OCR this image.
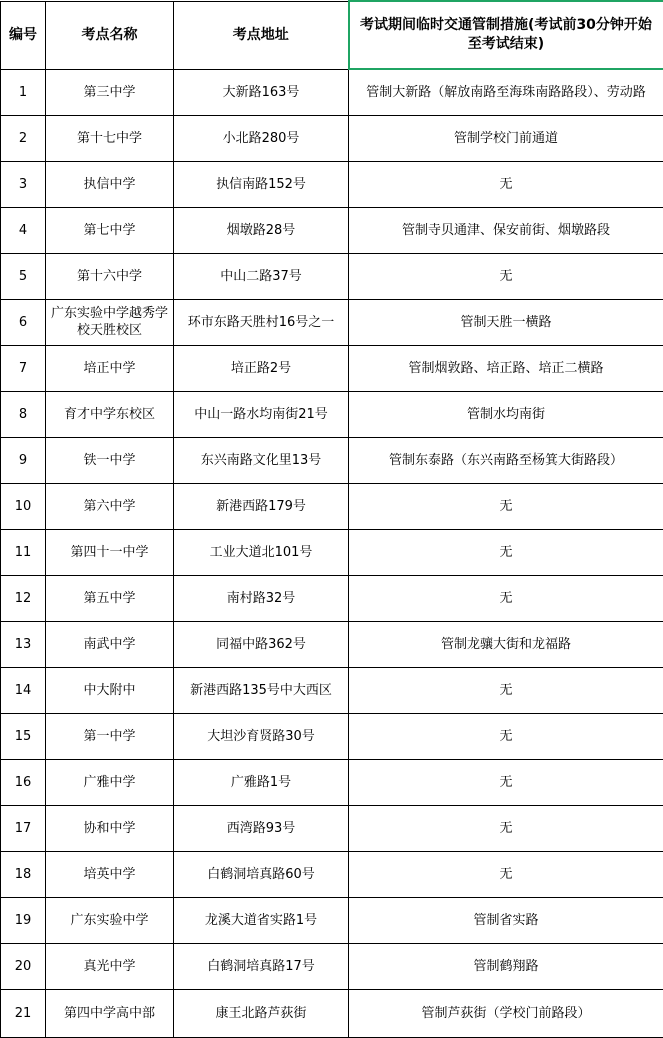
编号	考点名称	考点地址	考试期间临时交通管制措施(考试前30分钟开始至考试结束)
1	第三中学	大新路163号	管制大新路（解放南路至海珠南路路段）、劳动路
2	第十七中学	小北路280号	管制学校门前通道
3	执信中学	执信南路152号	无
4	第七中学	烟墩路28号	管制寺贝通津、保安前街、烟墩路段
5	第十六中学	中山二路37号	无
6	广东实验中学越秀学校天胜校区	环市东路天胜村16号之一	管制天胜一横路
7	培正中学	培正路2号	管制烟敦路、培正路、培正二横路
8	育才中学东校区	中山一路水均南街21号	管制水均南街
9	铁一中学	东兴南路文化里13号	管制东泰路（东兴南路至杨箕大街路段）
10	第六中学	新港西路179号	无
11	第四十一中学	工业大道北101号	无
12	第五中学	南村路32号	无
13	南武中学	同福中路362号	管制龙骧大街和龙福路
14	中大附中	新港西路135号中大西区	无
15	第一中学	大坦沙育贤路30号	无
16	广雅中学	广雅路1号	无
17	协和中学	西湾路93号	无
18	培英中学	白鹤洞培真路60号	无
19	广东实验中学	龙溪大道省实路1号	管制省实路
20	真光中学	白鹤洞培真路17号	管制鹤翔路
21	第四中学高中部	康王北路芦荻街	管制芦荻街（学校门前路段）
